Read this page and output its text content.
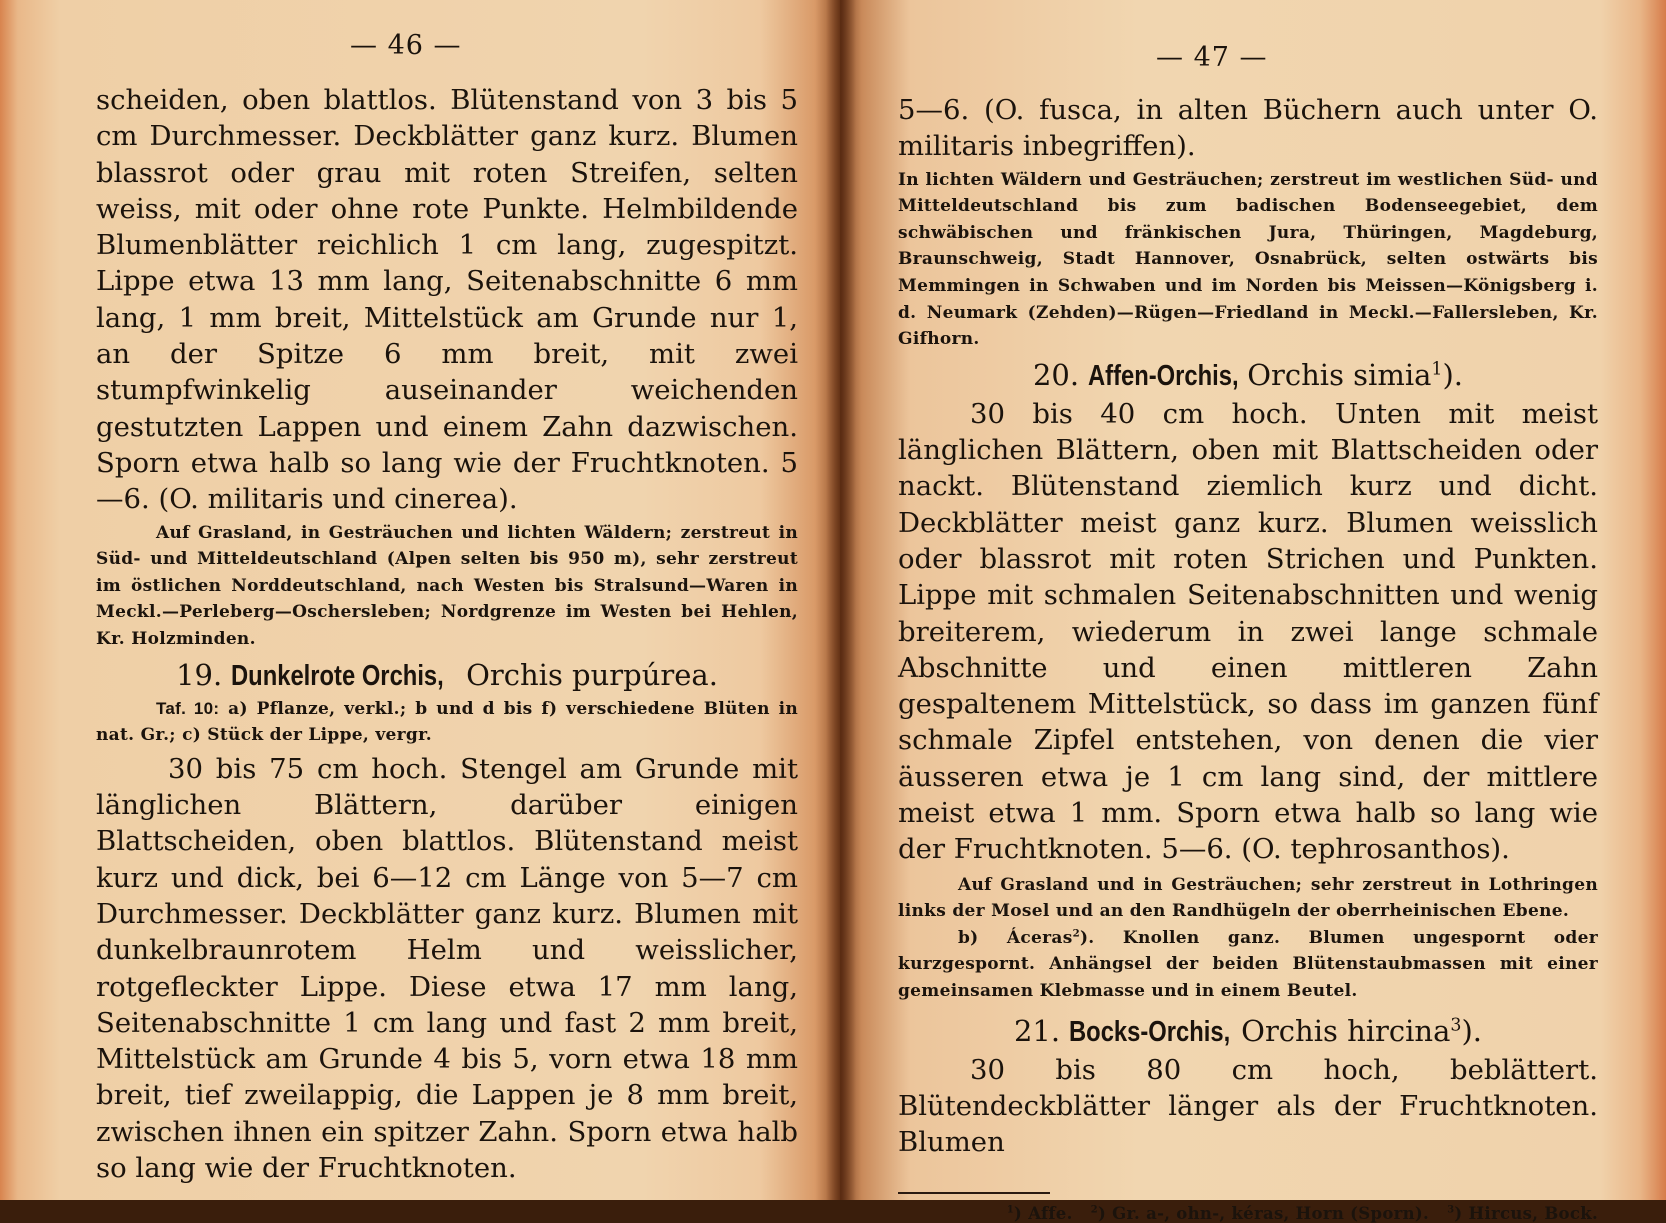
— 46 —

scheiden, oben blattlos. Blütenstand von 3 bis 5 cm Durchmesser. Deckblätter ganz kurz. Blumen blassrot oder grau mit roten Streifen, selten weiss, mit oder ohne rote Punkte. Helmbildende Blumenblätter reichlich 1 cm lang, zugespitzt. Lippe etwa 13 mm lang, Seitenabschnitte 6 mm lang, 1 mm breit, Mittelstück am Grunde nur 1, an der Spitze 6 mm breit, mit zwei stumpfwinkelig auseinander weichenden gestutzten Lappen und einem Zahn dazwischen. Sporn etwa halb so lang wie der Fruchtknoten. 5—6. (O. militaris und cinerea).

Auf Grasland, in Gesträuchen und lichten Wäldern; zerstreut in Süd- und Mitteldeutschland (Alpen selten bis 950 m), sehr zerstreut im östlichen Norddeutschland, nach Westen bis Stralsund—Waren in Meckl.—Perleberg—Oschersleben; Nordgrenze im Westen bei Hehlen, Kr. Holzminden.

19. Dunkelrote Orchis, Orchis purpúrea.

Taf. 10: a) Pflanze, verkl.; b und d bis f) verschiedene Blüten in nat. Gr.; c) Stück der Lippe, vergr.

30 bis 75 cm hoch. Stengel am Grunde mit länglichen Blättern, darüber einigen Blattscheiden, oben blattlos. Blütenstand meist kurz und dick, bei 6—12 cm Länge von 5—7 cm Durchmesser. Deckblätter ganz kurz. Blumen mit dunkelbraunrotem Helm und weisslicher, rotgefleckter Lippe. Diese etwa 17 mm lang, Seitenabschnitte 1 cm lang und fast 2 mm breit, Mittelstück am Grunde 4 bis 5, vorn etwa 18 mm breit, tief zweilappig, die Lappen je 8 mm breit, zwischen ihnen ein spitzer Zahn. Sporn etwa halb so lang wie der Fruchtknoten.

— 47 —

5—6. (O. fusca, in alten Büchern auch unter O. militaris inbegriffen).

In lichten Wäldern und Gesträuchen; zerstreut im westlichen Süd- und Mitteldeutschland bis zum badischen Bodenseegebiet, dem schwäbischen und fränkischen Jura, Thüringen, Magdeburg, Braunschweig, Stadt Hannover, Osnabrück, selten ostwärts bis Memmingen in Schwaben und im Norden bis Meissen—Königsberg i. d. Neumark (Zehden)—Rügen—Friedland in Meckl.—Fallersleben, Kr. Gifhorn.

20. Affen-Orchis, Orchis simia$^1$).

30 bis 40 cm hoch. Unten mit meist länglichen Blättern, oben mit Blattscheiden oder nackt. Blütenstand ziemlich kurz und dicht. Deckblätter meist ganz kurz. Blumen weisslich oder blassrot mit roten Strichen und Punkten. Lippe mit schmalen Seitenabschnitten und wenig breiterem, wiederum in zwei lange schmale Abschnitte und einen mittleren Zahn gespaltenem Mittelstück, so dass im ganzen fünf schmale Zipfel entstehen, von denen die vier äusseren etwa je 1 cm lang sind, der mittlere meist etwa 1 mm. Sporn etwa halb so lang wie der Fruchtknoten. 5—6. (O. tephrosanthos).

Auf Grasland und in Gesträuchen; sehr zerstreut in Lothringen links der Mosel und an den Randhügeln der oberrheinischen Ebene.

b) Áceras$^2$). Knollen ganz. Blumen ungespornt oder kurzgespornt. Anhängsel der beiden Blütenstaubmassen mit einer gemeinsamen Klebmasse und in einem Beutel.

21. Bocks-Orchis, Orchis hircina$^3$).

30 bis 80 cm hoch, beblättert. Blütendeckblätter länger als der Fruchtknoten. Blumen

$^1$) Affe. $^2$) Gr. a-, ohn-, kéras, Horn (Sporn). $^3$) Hircus, Bock.
